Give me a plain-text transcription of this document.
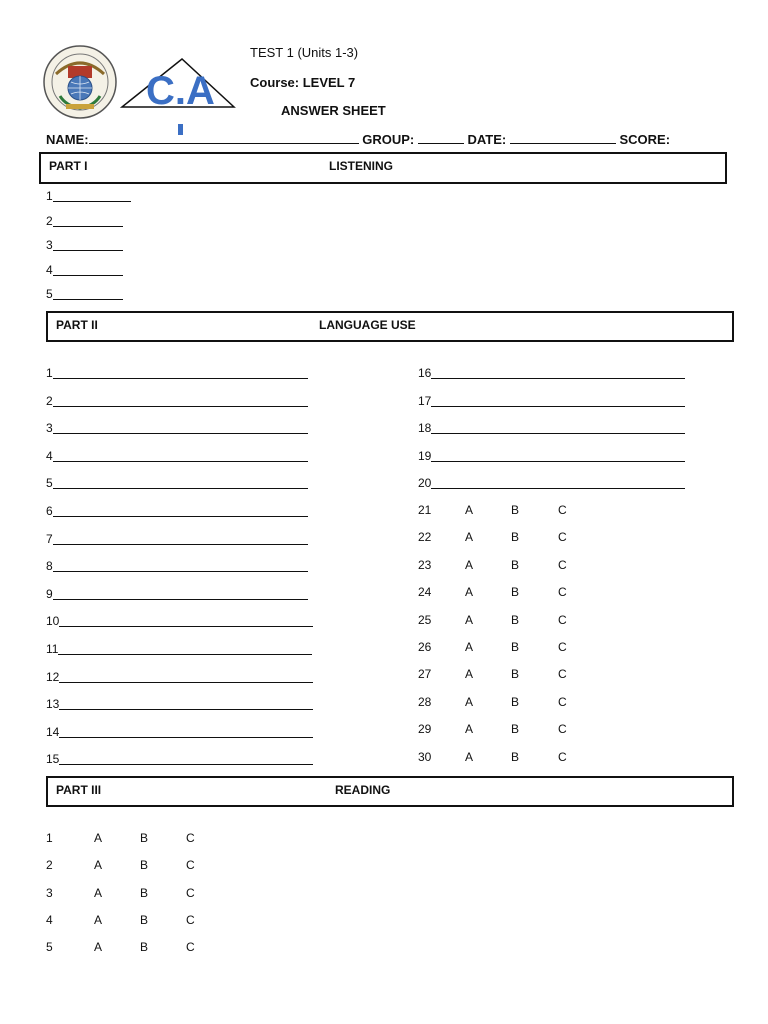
C.A
TEST 1 (Units 1-3)
Course: LEVEL 7
ANSWER SHEET
NAME:	GROUP:	DATE:	SCORE:
PART I	LISTENING
1
2
3
4
5
PART II	LANGUAGE USE
1
2
3
4
5
6
7
8
9
10
11
12
13
14
15
16
17
18
19
20
21	A	B	C
22	A	B	C
23	A	B	C
24	A	B	C
25	A	B	C
26	A	B	C
27	A	B	C
28	A	B	C
29	A	B	C
30	A	B	C
PART III	READING
1	A	B	C
2	A	B	C
3	A	B	C
4	A	B	C
5	A	B	C
